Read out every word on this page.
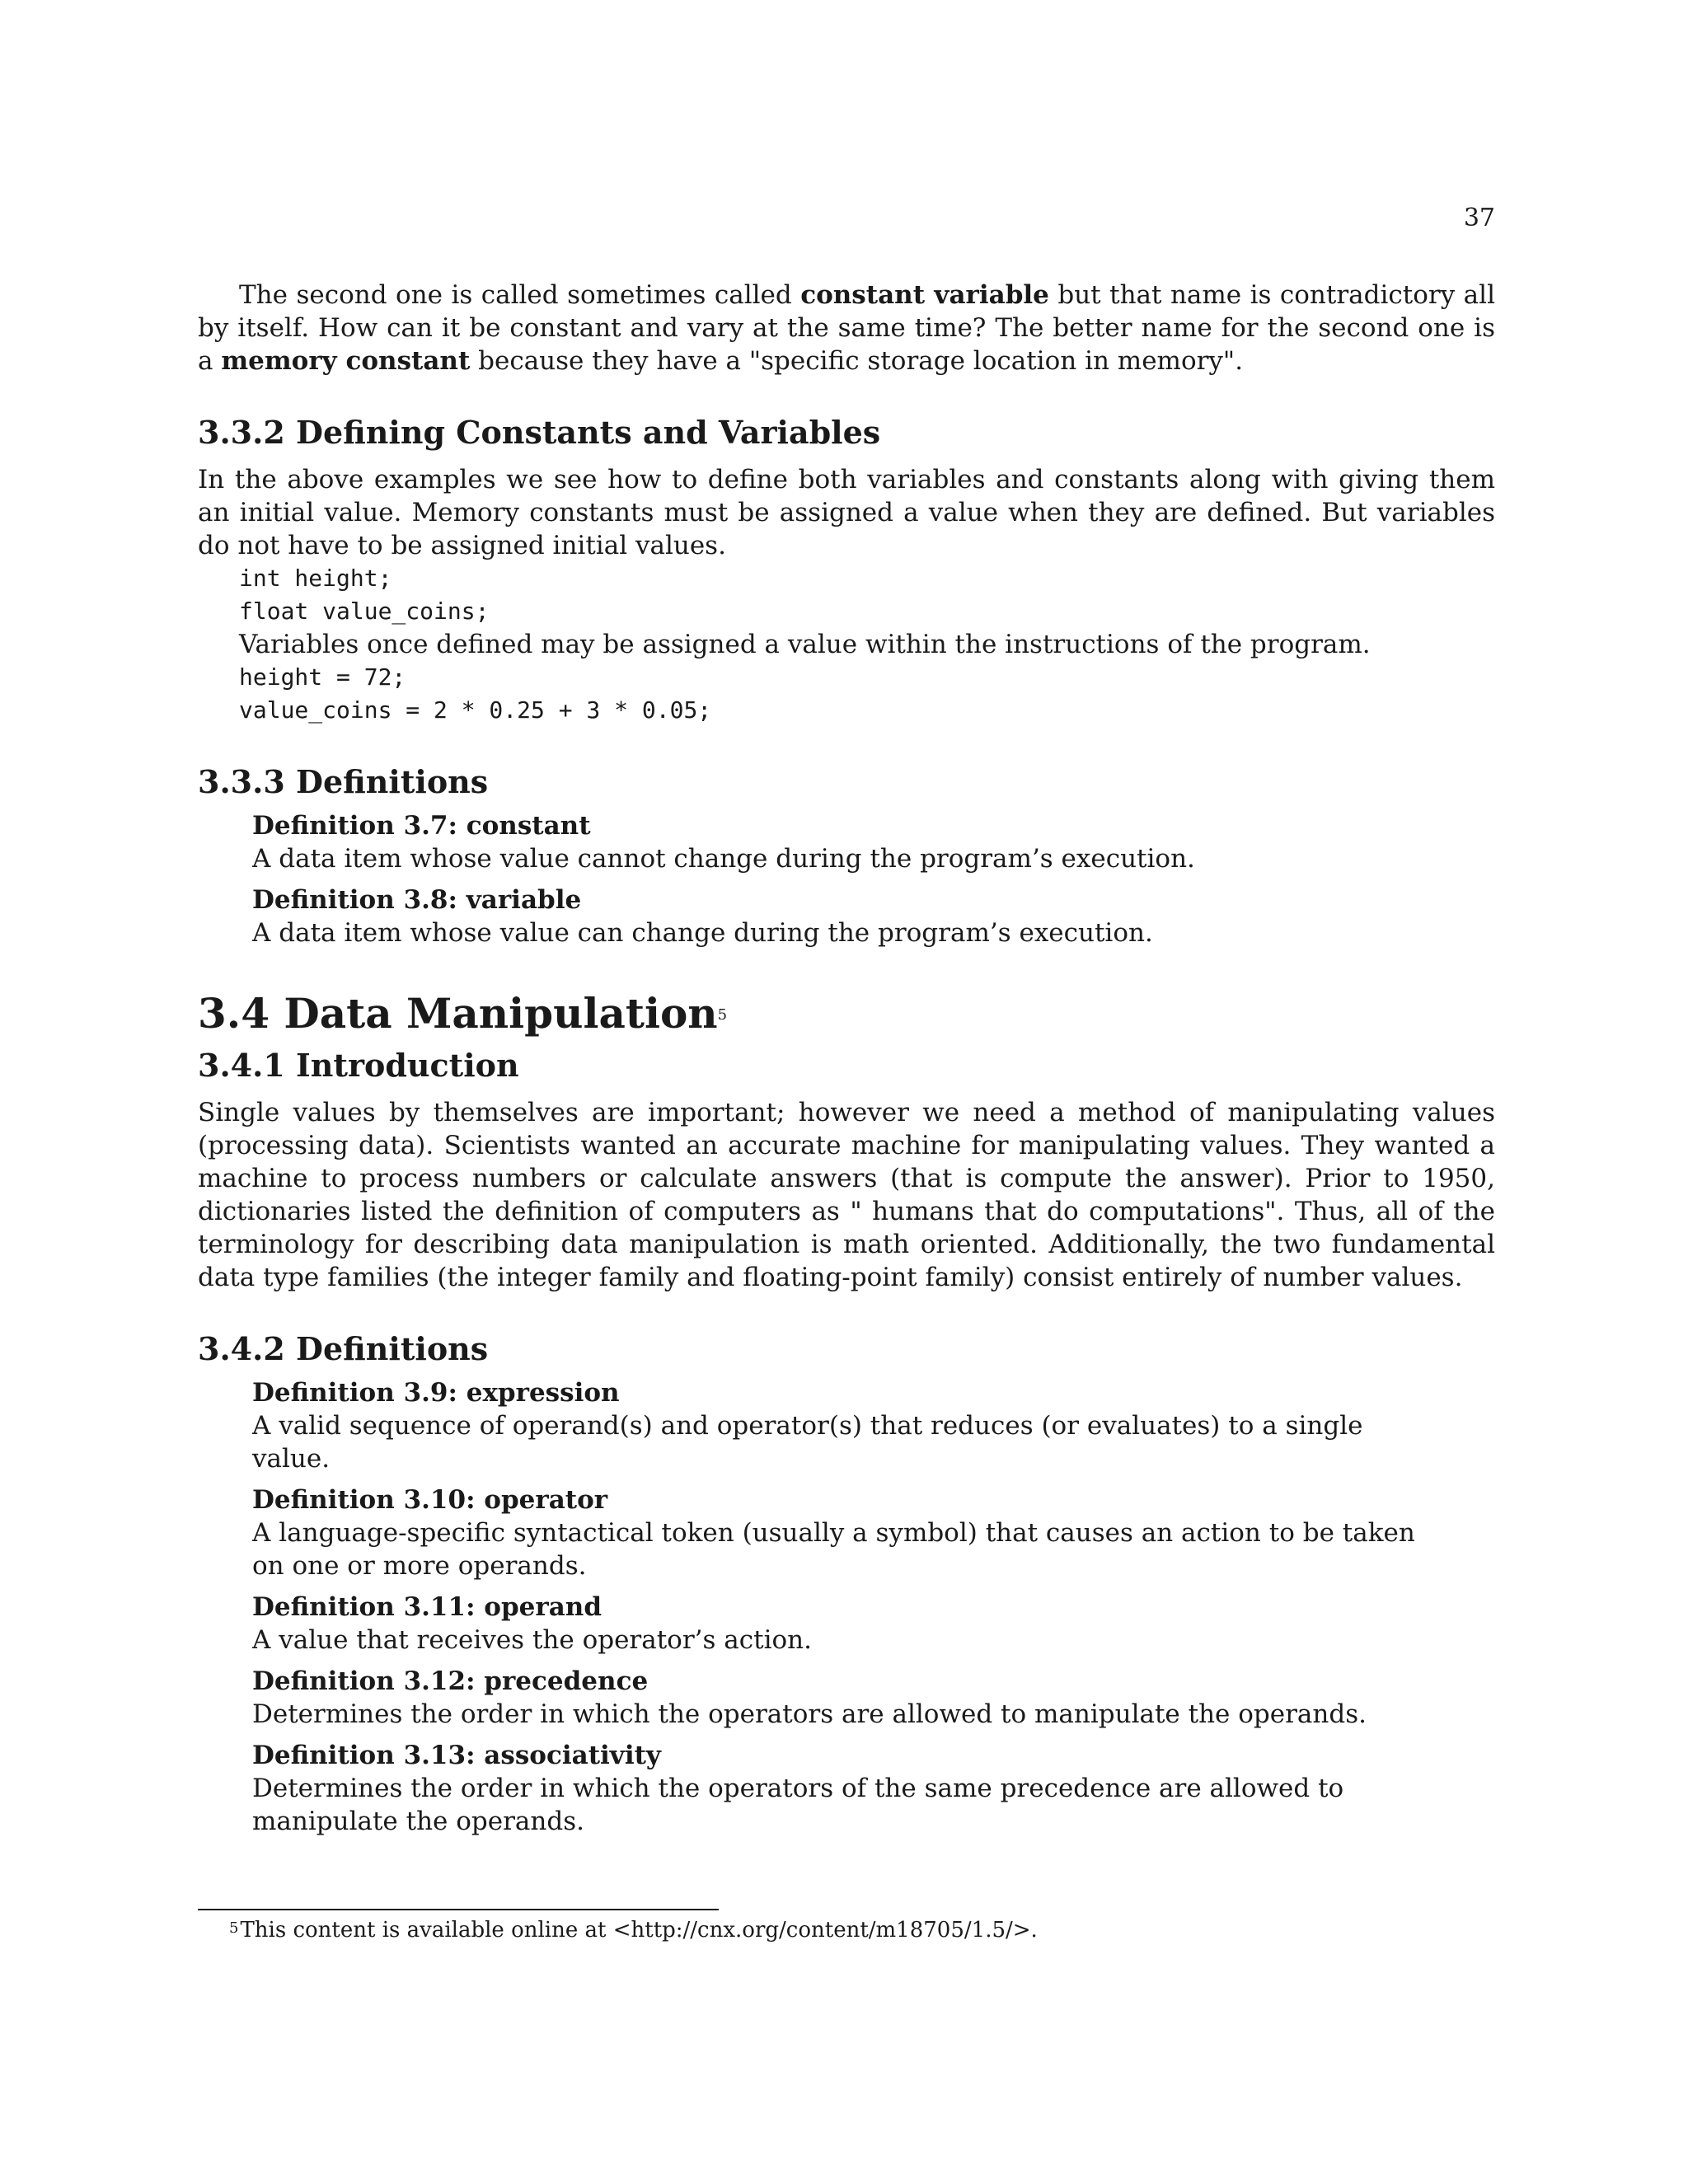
37

The second one is called sometimes called constant variable but that name is contradictory all by itself. How can it be constant and vary at the same time? The better name for the second one is a memory constant because they have a "specific storage location in memory".

3.3.2 Defining Constants and Variables

In the above examples we see how to define both variables and constants along with giving them an initial value. Memory constants must be assigned a value when they are defined. But variables do not have to be assigned initial values.

int height;
float value_coins;
Variables once defined may be assigned a value within the instructions of the program.
height = 72;
value_coins = 2 * 0.25 + 3 * 0.05;
3.3.3 Definitions
Definition 3.7: constant
A data item whose value cannot change during the program’s execution.
Definition 3.8: variable
A data item whose value can change during the program’s execution.
3.4 Data Manipulation$^5$
3.4.1 Introduction

Single values by themselves are important; however we need a method of manipulating values (processing data). Scientists wanted an accurate machine for manipulating values. They wanted a machine to process numbers or calculate answers (that is compute the answer). Prior to 1950, dictionaries listed the definition of computers as " humans that do computations". Thus, all of the terminology for describing data manipulation is math oriented. Additionally, the two fundamental data type families (the integer family and floating-point family) consist entirely of number values.

3.4.2 Definitions
Definition 3.9: expression
A valid sequence of operand(s) and operator(s) that reduces (or evaluates) to a single value.
Definition 3.10: operator
A language-specific syntactical token (usually a symbol) that causes an action to be taken on one or more operands.
Definition 3.11: operand
A value that receives the operator’s action.
Definition 3.12: precedence
Determines the order in which the operators are allowed to manipulate the operands.
Definition 3.13: associativity
Determines the order in which the operators of the same precedence are allowed to manipulate the operands.
$^5$This content is available online at <http://cnx.org/content/m18705/1.5/>.
